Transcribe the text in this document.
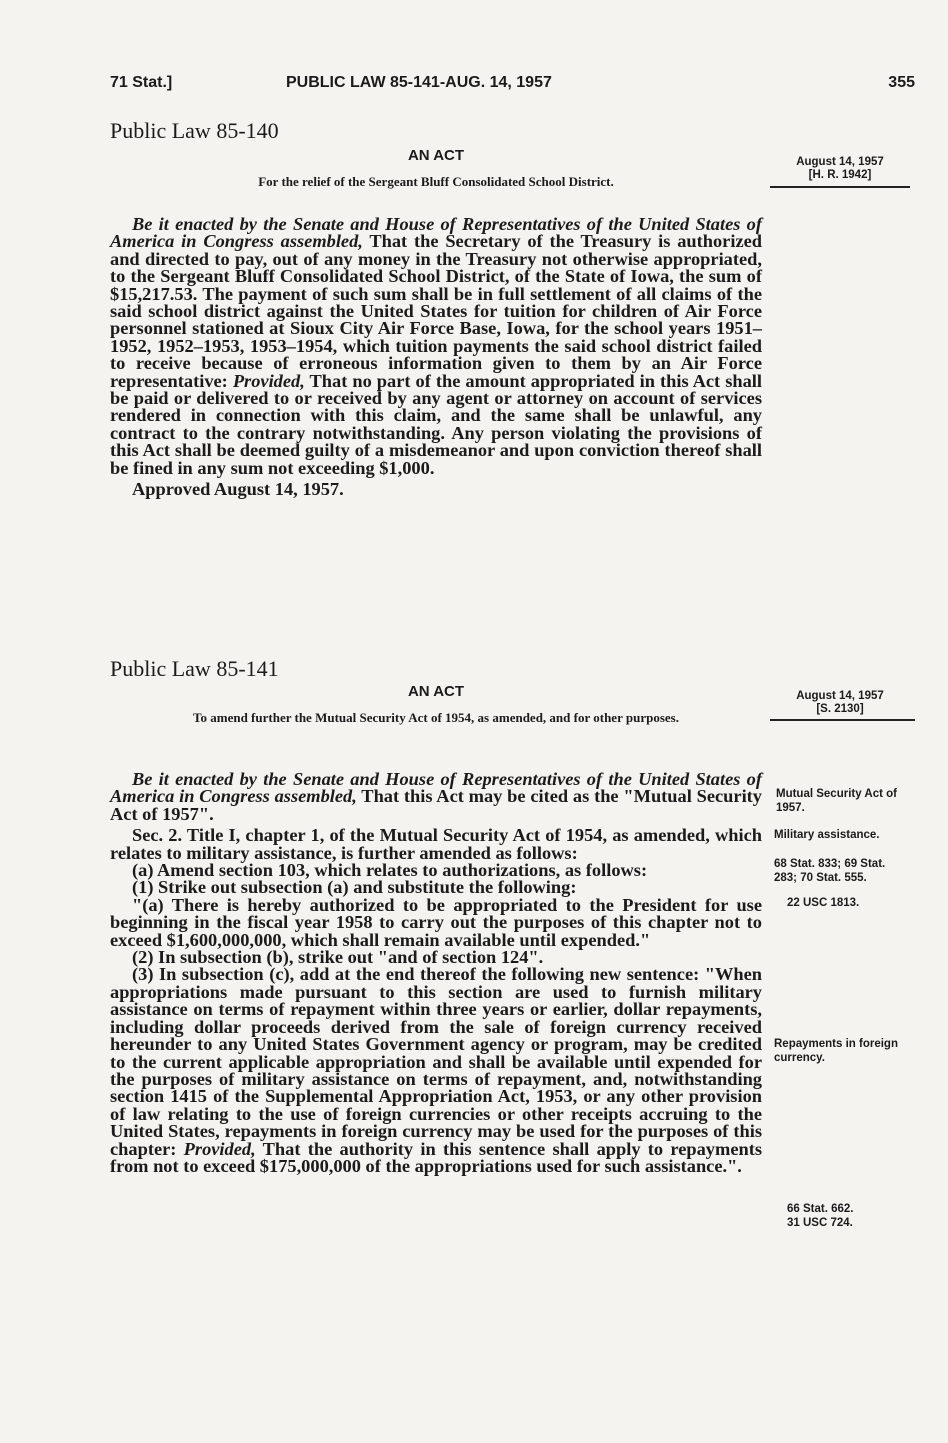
71 Stat.]	PUBLIC LAW 85-141-AUG. 14, 1957	355
Public Law 85-140
AN ACT
For the relief of the Sergeant Bluff Consolidated School District.
August 14, 1957
[H. R. 1942]

Be it enacted by the Senate and House of Representatives of the United States of America in Congress assembled, That the Secretary of the Treasury is authorized and directed to pay, out of any money in the Treasury not otherwise appropriated, to the Sergeant Bluff Consolidated School District, of the State of Iowa, the sum of $15,217.53. The payment of such sum shall be in full settlement of all claims of the said school district against the United States for tuition for children of Air Force personnel stationed at Sioux City Air Force Base, Iowa, for the school years 1951–1952, 1952–1953, 1953–1954, which tuition payments the said school district failed to receive because of erroneous information given to them by an Air Force representative: Provided, That no part of the amount appropriated in this Act shall be paid or delivered to or received by any agent or attorney on account of services rendered in connection with this claim, and the same shall be unlawful, any contract to the contrary notwithstanding. Any person violating the provisions of this Act shall be deemed guilty of a misdemeanor and upon conviction thereof shall be fined in any sum not exceeding $1,000.

Approved August 14, 1957.

Public Law 85-141
AN ACT
To amend further the Mutual Security Act of 1954, as amended, and for other purposes.
August 14, 1957
[S. 2130]

Be it enacted by the Senate and House of Representatives of the United States of America in Congress assembled, That this Act may be cited as the "Mutual Security Act of 1957".

Sec. 2. Title I, chapter 1, of the Mutual Security Act of 1954, as amended, which relates to military assistance, is further amended as follows:

(a) Amend section 103, which relates to authorizations, as follows:

(1) Strike out subsection (a) and substitute the following:

"(a) There is hereby authorized to be appropriated to the President for use beginning in the fiscal year 1958 to carry out the purposes of this chapter not to exceed $1,600,000,000, which shall remain available until expended."

(2) In subsection (b), strike out "and of section 124".

(3) In subsection (c), add at the end thereof the following new sentence: "When appropriations made pursuant to this section are used to furnish military assistance on terms of repayment within three years or earlier, dollar repayments, including dollar proceeds derived from the sale of foreign currency received hereunder to any United States Government agency or program, may be credited to the current applicable appropriation and shall be available until expended for the purposes of military assistance on terms of repayment, and, notwithstanding section 1415 of the Supplemental Appropriation Act, 1953, or any other provision of law relating to the use of foreign currencies or other receipts accruing to the United States, repayments in foreign currency may be used for the purposes of this chapter: Provided, That the authority in this sentence shall apply to repayments from not to exceed $175,000,000 of the appropriations used for such assistance.".

Mutual Security Act of 1957.
Military assistance.
68 Stat. 833; 69 Stat. 283; 70 Stat. 555.
22 USC 1813.
Repayments in foreign currency.
66 Stat. 662.
31 USC 724.
